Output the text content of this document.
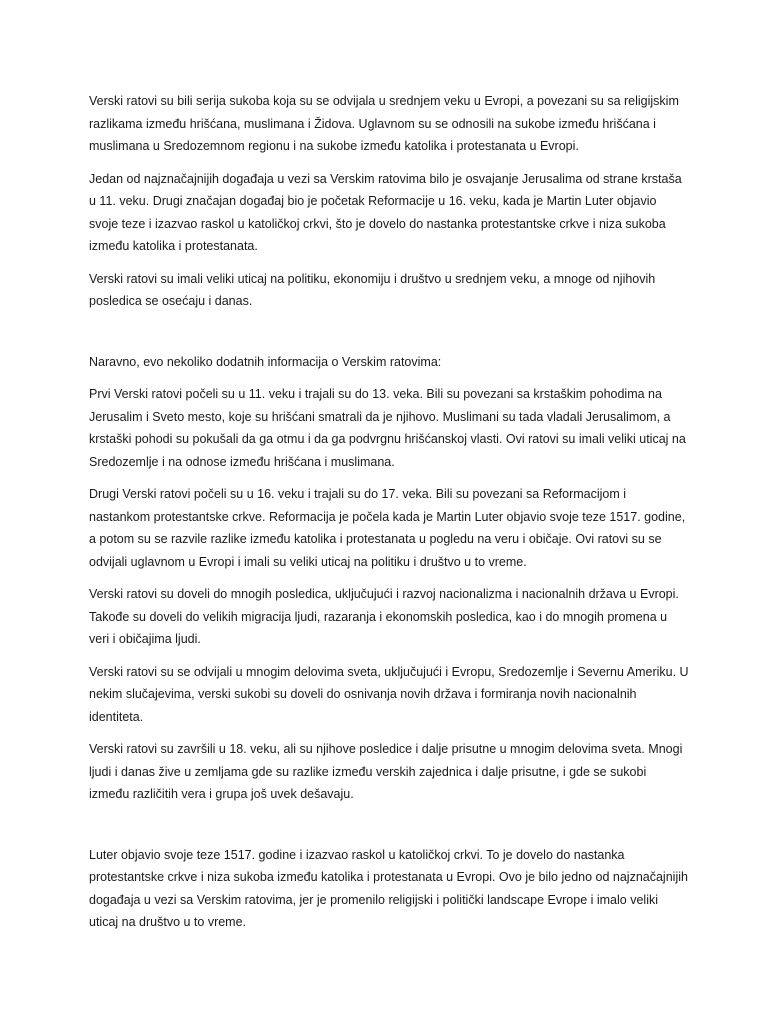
Verski ratovi su bili serija sukoba koja su se odvijala u srednjem veku u Evropi, a povezani su sa religijskim razlikama između hrišćana, muslimana i Židova. Uglavnom su se odnosili na sukobe između hrišćana i muslimana u Sredozemnom regionu i na sukobe između katolika i protestanata u Evropi.

Jedan od najznačajnijih događaja u vezi sa Verskim ratovima bilo je osvajanje Jerusalima od strane krstaša u 11. veku. Drugi značajan događaj bio je početak Reformacije u 16. veku, kada je Martin Luter objavio svoje teze i izazvao raskol u katoličkoj crkvi, što je dovelo do nastanka protestantske crkve i niza sukoba između katolika i protestanata.

Verski ratovi su imali veliki uticaj na politiku, ekonomiju i društvo u srednjem veku, a mnoge od njihovih posledica se osećaju i danas.

Naravno, evo nekoliko dodatnih informacija o Verskim ratovima:

Prvi Verski ratovi počeli su u 11. veku i trajali su do 13. veka. Bili su povezani sa krstaškim pohodima na Jerusalim i Sveto mesto, koje su hrišćani smatrali da je njihovo. Muslimani su tada vladali Jerusalimom, a krstaški pohodi su pokušali da ga otmu i da ga podvrgnu hrišćanskoj vlasti. Ovi ratovi su imali veliki uticaj na Sredozemlje i na odnose između hrišćana i muslimana.

Drugi Verski ratovi počeli su u 16. veku i trajali su do 17. veka. Bili su povezani sa Reformacijom i nastankom protestantske crkve. Reformacija je počela kada je Martin Luter objavio svoje teze 1517. godine, a potom su se razvile razlike između katolika i protestanata u pogledu na veru i običaje. Ovi ratovi su se odvijali uglavnom u Evropi i imali su veliki uticaj na politiku i društvo u to vreme.

Verski ratovi su doveli do mnogih posledica, uključujući i razvoj nacionalizma i nacionalnih država u Evropi. Takođe su doveli do velikih migracija ljudi, razaranja i ekonomskih posledica, kao i do mnogih promena u veri i običajima ljudi.

Verski ratovi su se odvijali u mnogim delovima sveta, uključujući i Evropu, Sredozemlje i Severnu Ameriku. U nekim slučajevima, verski sukobi su doveli do osnivanja novih država i formiranja novih nacionalnih identiteta.

Verski ratovi su završili u 18. veku, ali su njihove posledice i dalje prisutne u mnogim delovima sveta. Mnogi ljudi i danas žive u zemljama gde su razlike između verskih zajednica i dalje prisutne, i gde se sukobi između različitih vera i grupa još uvek dešavaju.

Luter objavio svoje teze 1517. godine i izazvao raskol u katoličkoj crkvi. To je dovelo do nastanka protestantske crkve i niza sukoba između katolika i protestanata u Evropi. Ovo je bilo jedno od najznačajnijih događaja u vezi sa Verskim ratovima, jer je promenilo religijski i politički landscape Evrope i imalo veliki uticaj na društvo u to vreme.
